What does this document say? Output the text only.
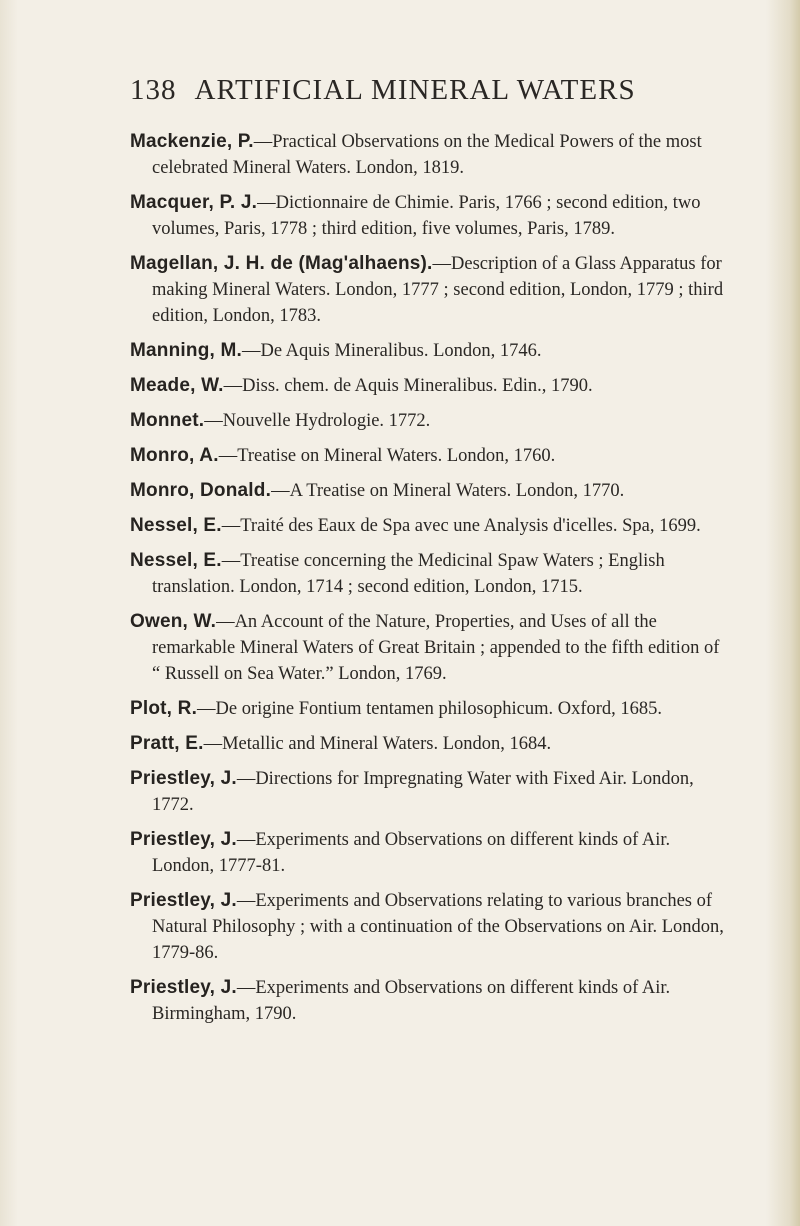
138 ARTIFICIAL MINERAL WATERS

Mackenzie, P.—Practical Observations on the Medical Powers of the most celebrated Mineral Waters. London, 1819.

Macquer, P. J.—Dictionnaire de Chimie. Paris, 1766 ; second edition, two volumes, Paris, 1778 ; third edition, five volumes, Paris, 1789.

Magellan, J. H. de (Mag'alhaens).—Description of a Glass Apparatus for making Mineral Waters. London, 1777 ; second edition, London, 1779 ; third edition, London, 1783.

Manning, M.—De Aquis Mineralibus. London, 1746.

Meade, W.—Diss. chem. de Aquis Mineralibus. Edin., 1790.

Monnet.—Nouvelle Hydrologie. 1772.

Monro, A.—Treatise on Mineral Waters. London, 1760.

Monro, Donald.—A Treatise on Mineral Waters. London, 1770.

Nessel, E.—Traité des Eaux de Spa avec une Analysis d'icelles. Spa, 1699.

Nessel, E.—Treatise concerning the Medicinal Spaw Waters ; English translation. London, 1714 ; second edition, London, 1715.

Owen, W.—An Account of the Nature, Properties, and Uses of all the remarkable Mineral Waters of Great Britain ; appended to the fifth edition of “ Russell on Sea Water.” London, 1769.

Plot, R.—De origine Fontium tentamen philosophicum. Oxford, 1685.

Pratt, E.—Metallic and Mineral Waters. London, 1684.

Priestley, J.—Directions for Impregnating Water with Fixed Air. London, 1772.

Priestley, J.—Experiments and Observations on different kinds of Air. London, 1777-81.

Priestley, J.—Experiments and Observations relating to various branches of Natural Philosophy ; with a continuation of the Observations on Air. London, 1779-86.

Priestley, J.—Experiments and Observations on different kinds of Air. Birmingham, 1790.
